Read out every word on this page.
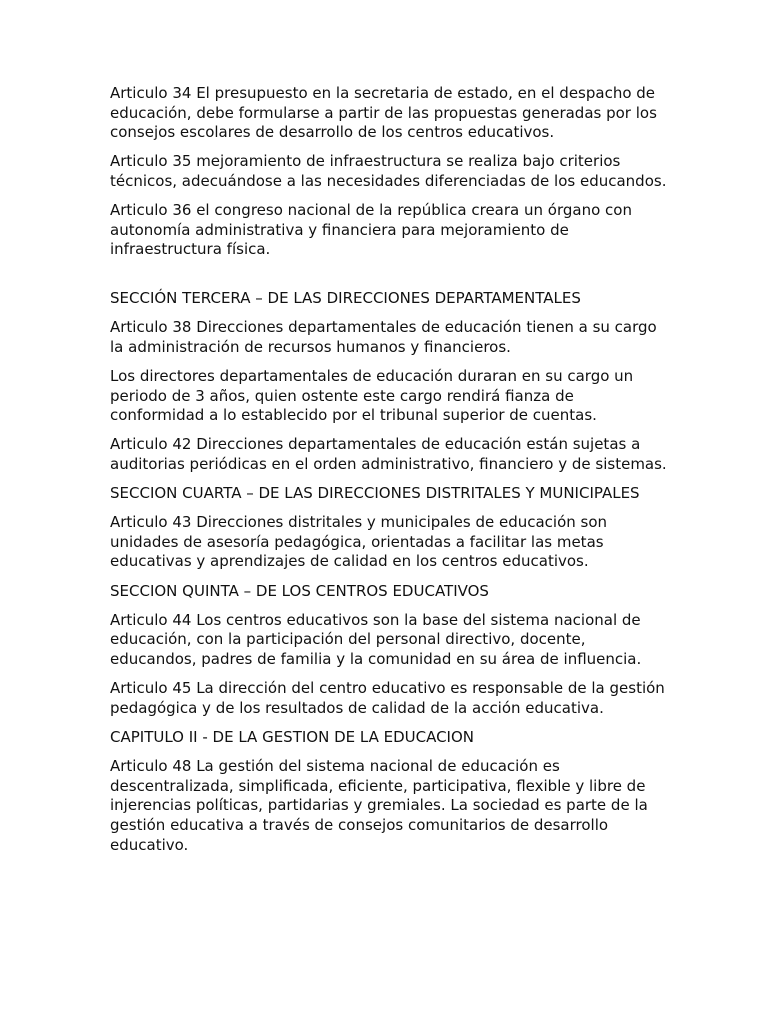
Articulo 34 El presupuesto en la secretaria de estado, en el despacho de educación, debe formularse a partir de las propuestas generadas por los consejos escolares de desarrollo de los centros educativos.

Articulo 35 mejoramiento de infraestructura se realiza bajo criterios técnicos, adecuándose a las necesidades diferenciadas de los educandos.

Articulo 36 el congreso nacional de la república creara un órgano con autonomía administrativa y financiera para mejoramiento de infraestructura física.

SECCIÓN TERCERA – DE LAS DIRECCIONES DEPARTAMENTALES

Articulo 38 Direcciones departamentales de educación tienen a su cargo la administración de recursos humanos y financieros.

Los directores departamentales de educación duraran en su cargo un periodo de 3 años, quien ostente este cargo rendirá fianza de conformidad a lo establecido por el tribunal superior de cuentas.

Articulo 42 Direcciones departamentales de educación están sujetas a auditorias periódicas en el orden administrativo, financiero y de sistemas.

SECCION CUARTA – DE LAS DIRECCIONES DISTRITALES Y MUNICIPALES

Articulo 43 Direcciones distritales y municipales de educación son unidades de asesoría pedagógica, orientadas a facilitar las metas educativas y aprendizajes de calidad en los centros educativos.

SECCION QUINTA – DE LOS CENTROS EDUCATIVOS

Articulo 44 Los centros educativos son la base del sistema nacional de educación, con la participación del personal directivo, docente, educandos, padres de familia y la comunidad en su área de influencia.

Articulo 45 La dirección del centro educativo es responsable de la gestión pedagógica y de los resultados de calidad de la acción educativa.

CAPITULO II - DE LA GESTION DE LA EDUCACION

Articulo 48 La gestión del sistema nacional de educación es descentralizada, simplificada, eficiente, participativa, flexible y libre de injerencias políticas, partidarias y gremiales. La sociedad es parte de la gestión educativa a través de consejos comunitarios de desarrollo educativo.
